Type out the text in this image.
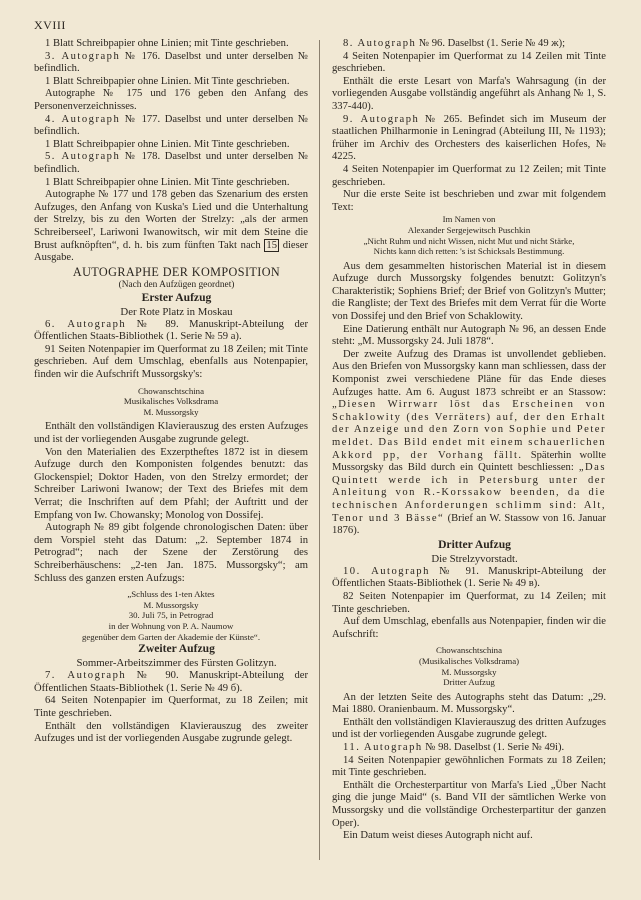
XVIII

1 Blatt Schreibpapier ohne Linien; mit Tinte geschrieben.

3. Autograph № 176. Daselbst und unter derselben № befindlich.

1 Blatt Schreibpapier ohne Linien. Mit Tinte geschrieben.

Autographe № 175 und 176 geben den Anfang des Personenverzeichnisses.

4. Autograph № 177. Daselbst und unter derselben № befindlich.

1 Blatt Schreibpapier ohne Linien. Mit Tinte geschrieben.

5. Autograph № 178. Daselbst und unter derselben № befindlich.

1 Blatt Schreibpapier ohne Linien. Mit Tinte geschrieben.

Autographe № 177 und 178 geben das Szenarium des ersten Aufzuges, den Anfang von Kuska's Lied und die Unterhaltung der Strelzy, bis zu den Worten der Strelzy: „als der armen Schreiberseel', Lariwoni Iwanowitsch, wir mit dem Steine die Brust aufknöpften“, d. h. bis zum fünften Takt nach 15 dieser Ausgabe.

AUTOGRAPHE DER KOMPOSITION

(Nach den Aufzügen geordnet)

Erster Aufzug

Der Rote Platz in Moskau

6. Autograph № 89. Manuskript-Abteilung der Öffentlichen Staats-Bibliothek (1. Serie № 59 a).

91 Seiten Notenpapier im Querformat zu 18 Zeilen; mit Tinte geschrieben. Auf dem Umschlag, ebenfalls aus Notenpapier, finden wir die Aufschrift Mussorgsky's:

Chowanschtschina

Musikalisches Volksdrama

M. Mussorgsky

Enthält den vollständigen Klavierauszug des ersten Aufzuges und ist der vorliegenden Ausgabe zugrunde gelegt.

Von den Materialien des Exzerptheftes 1872 ist in diesem Aufzuge durch den Komponisten folgendes benutzt: das Glockenspiel; Doktor Haden, von den Strelzy ermordet; der Schreiber Lariwoni Iwanow; der Text des Briefes mit dem Verrat; die Inschriften auf dem Pfahl; der Auftritt und der Empfang von Iw. Chowansky; Monolog von Dossifej.

Autograph № 89 gibt folgende chronologischen Daten: über dem Vorspiel steht das Datum: „2. September 1874 in Petrograd“; nach der Szene der Zerstörung des Schreiberhäuschens: „2-ten Jan. 1875. Mussorgsky“; am Schluss des ganzen ersten Aufzugs:

„Schluss des 1-ten Aktes

M. Mussorgsky

30. Juli 75, in Petrograd

in der Wohnung von P. A. Naumow

gegenüber dem Garten der Akademie der Künste“.

Zweiter Aufzug

Sommer-Arbeitszimmer des Fürsten Golitzyn.

7. Autograph № 90. Manuskript-Abteilung der Öffentlichen Staats-Bibliothek (1. Serie № 49 б).

64 Seiten Notenpapier im Querformat, zu 18 Zeilen; mit Tinte geschrieben.

Enthält den vollständigen Klavierauszug des zweiter Aufzuges und ist der vorliegenden Ausgabe zugrunde gelegt.

8. Autograph № 96. Daselbst (1. Serie № 49 ж);

4 Seiten Notenpapier im Querformat zu 14 Zeilen mit Tinte geschrieben.

Enthält die erste Lesart von Marfa's Wahrsagung (in der vorliegenden Ausgabe vollständig angeführt als Anhang № 1, S. 337-440).

9. Autograph № 265. Befindet sich im Museum der staatlichen Philharmonie in Leningrad (Abteilung III, № 1193); früher im Archiv des Orchesters des kaiserlichen Hofes, № 4225.

4 Seiten Notenpapier im Querformat zu 12 Zeilen; mit Tinte geschrieben.

Nur die erste Seite ist beschrieben und zwar mit folgendem Text:

Im Namen von

Alexander Sergejewitsch Puschkin

„Nicht Ruhm und nicht Wissen, nicht Mut und nicht Stärke,

Nichts kann dich retten: 's ist Schicksals Bestimmung.

Aus dem gesammelten historischen Material ist in diesem Aufzuge durch Mussorgsky folgendes benutzt: Golitzyn's Charakteristik; Sophiens Brief; der Brief von Golitzyn's Mutter; die Rangliste; der Text des Briefes mit dem Verrat für die Worte von Dossifej und den Brief von Schaklowity.

Eine Datierung enthält nur Autograph № 96, an dessen Ende steht: „M. Mussorgsky 24. Juli 1878“.

Der zweite Aufzug des Dramas ist unvollendet geblieben. Aus den Briefen von Mussorgsky kann man schliessen, dass der Komponist zwei verschiedene Pläne für das Ende dieses Aufzuges hatte. Am 6. August 1873 schreibt er an Stassow: „Diesen Wirrwarr löst das Erscheinen von Schaklowity (des Verräters) auf, der den Erhalt der Anzeige und den Zorn von Sophie und Peter meldet. Das Bild endet mit einem schauerlichen Akkord pp, der Vorhang fällt. Späterhin wollte Mussorgsky das Bild durch ein Quintett beschliessen: „Das Quintett werde ich in Petersburg unter der Anleitung von R.-Korssakow beenden, da die technischen Anforderungen schlimm sind: Alt, Tenor und 3 Bässe“ (Brief an W. Stassow von 16. Januar 1876).

Dritter Aufzug

Die Strelzyvorstadt.

10. Autograph № 91. Manuskript-Abteilung der Öffentlichen Staats-Bibliothek (1. Serie № 49 в).

82 Seiten Notenpapier im Querformat, zu 14 Zeilen; mit Tinte geschrieben.

Auf dem Umschlag, ebenfalls aus Notenpapier, finden wir die Aufschrift:

Chowanschtschina

(Musikalisches Volksdrama)

M. Mussorgsky

Dritter Aufzug

An der letzten Seite des Autographs steht das Datum: „29. Mai 1880. Oranienbaum. M. Mussorgsky“.

Enthält den vollständigen Klavierauszug des dritten Aufzuges und ist der vorliegenden Ausgabe zugrunde gelegt.

11. Autograph № 98. Daselbst (1. Serie № 49i).

14 Seiten Notenpapier gewöhnlichen Formats zu 18 Zeilen; mit Tinte geschrieben.

Enthält die Orchesterpartitur von Marfa's Lied „Über Nacht ging die junge Maid“ (s. Band VII der sämtlichen Werke von Mussorgsky und die vollständige Orchesterpartitur der ganzen Oper).

Ein Datum weist dieses Autograph nicht auf.
